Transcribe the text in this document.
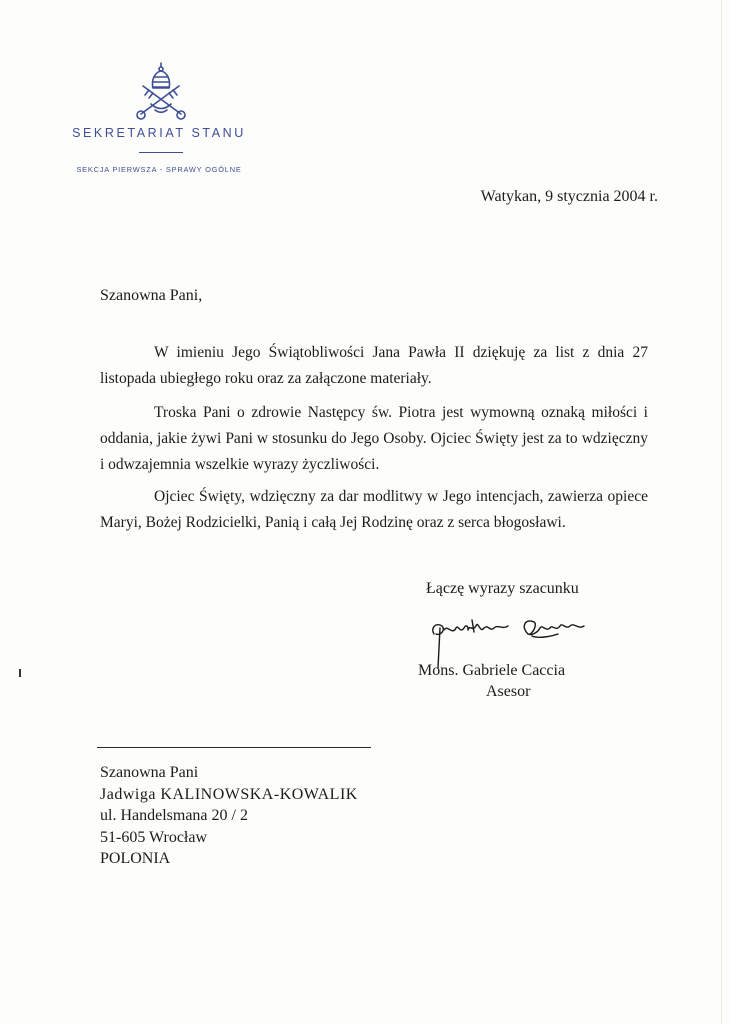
SEKRETARIAT STANU
SEKCJA PIERWSZA - SPRAWY OGÓLNE
Watykan, 9 stycznia 2004 r.
Szanowna Pani,

W imieniu Jego Świątobliwości Jana Pawła II dziękuję za list z dnia 27 listopada ubiegłego roku oraz za załączone materiały.

Troska Pani o zdrowie Następcy św. Piotra jest wymowną oznaką miłości i oddania, jakie żywi Pani w stosunku do Jego Osoby. Ojciec Święty jest za to wdzięczny i odwzajemnia wszelkie wyrazy życzliwości.

Ojciec Święty, wdzięczny za dar modlitwy w Jego intencjach, zawierza opiece Maryi, Bożej Rodzicielki, Panią i całą Jej Rodzinę oraz z serca błogosławi.

Łączę wyrazy szacunku
Mons. Gabriele Caccia
Asesor
Szanowna Pani
Jadwiga KALINOWSKA-KOWALIK
ul. Handelsmana 20 / 2
51-605 Wrocław
POLONIA
